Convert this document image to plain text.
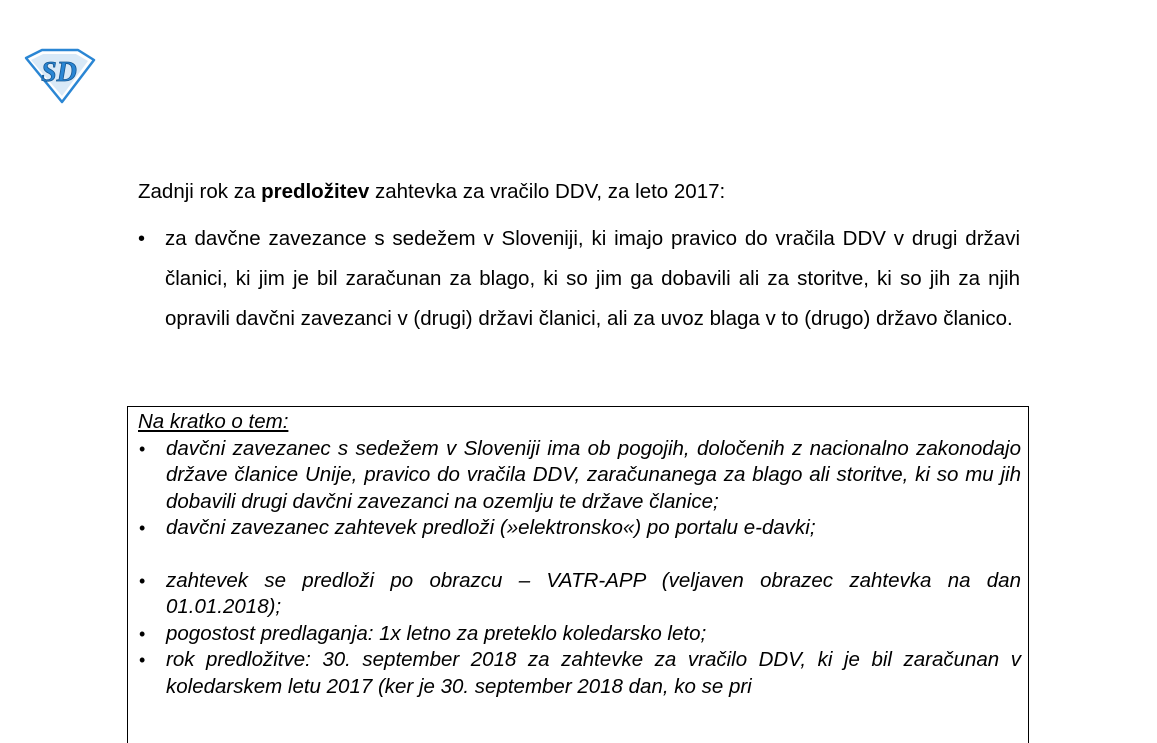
SD

Zadnji rok za predložitev zahtevka za vračilo DDV, za leto 2017:

• za davčne zavezance s sedežem v Sloveniji, ki imajo pravico do vračila DDV v drugi državi članici, ki jim je bil zaračunan za blago, ki so jim ga dobavili ali za storitve, ki so jih za njih opravili davčni zavezanci v (drugi) državi članici, ali za uvoz blaga v to (drugo) državo članico.

Na kratko o tem:

• davčni zavezanec s sedežem v Sloveniji ima ob pogojih, določenih z nacionalno zakonodajo države članice Unije, pravico do vračila DDV, zaračunanega za blago ali storitve, ki so mu jih dobavili drugi davčni zavezanci na ozemlju te države članice;

• davčni zavezanec zahtevek predloži (»elektronsko«) po portalu e-davki;

• zahtevek se predloži po obrazcu – VATR-APP (veljaven obrazec zahtevka na dan 01.01.2018);

• pogostost predlaganja: 1x letno za preteklo koledarsko leto;

• rok predložitve: 30. september 2018 za zahtevke za vračilo DDV, ki je bil zaračunan v koledarskem letu 2017 (ker je 30. september 2018 dan, ko se pri
